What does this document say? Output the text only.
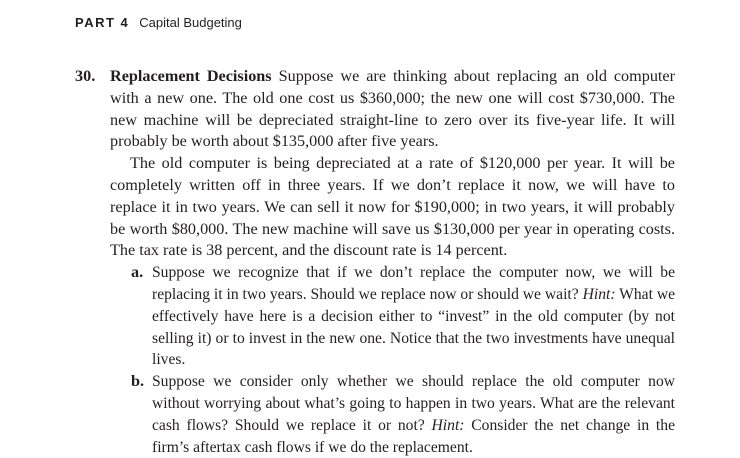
PART 4 Capital Budgeting
30. Replacement Decisions Suppose we are thinking about replacing an old computer with a new one. The old one cost us $360,000; the new one will cost $730,000. The new machine will be depreciated straight-line to zero over its five-year life. It will probably be worth about $135,000 after five years.

The old computer is being depreciated at a rate of $120,000 per year. It will be completely written off in three years. If we don’t replace it now, we will have to replace it in two years. We can sell it now for $190,000; in two years, it will probably be worth $80,000. The new machine will save us $130,000 per year in operating costs. The tax rate is 38 percent, and the discount rate is 14 percent.

a. Suppose we recognize that if we don’t replace the computer now, we will be replacing it in two years. Should we replace now or should we wait? Hint: What we effectively have here is a decision either to “invest” in the old computer (by not selling it) or to invest in the new one. Notice that the two investments have unequal lives.
b. Suppose we consider only whether we should replace the old computer now without worrying about what’s going to happen in two years. What are the relevant cash flows? Should we replace it or not? Hint: Consider the net change in the firm’s aftertax cash flows if we do the replacement.
